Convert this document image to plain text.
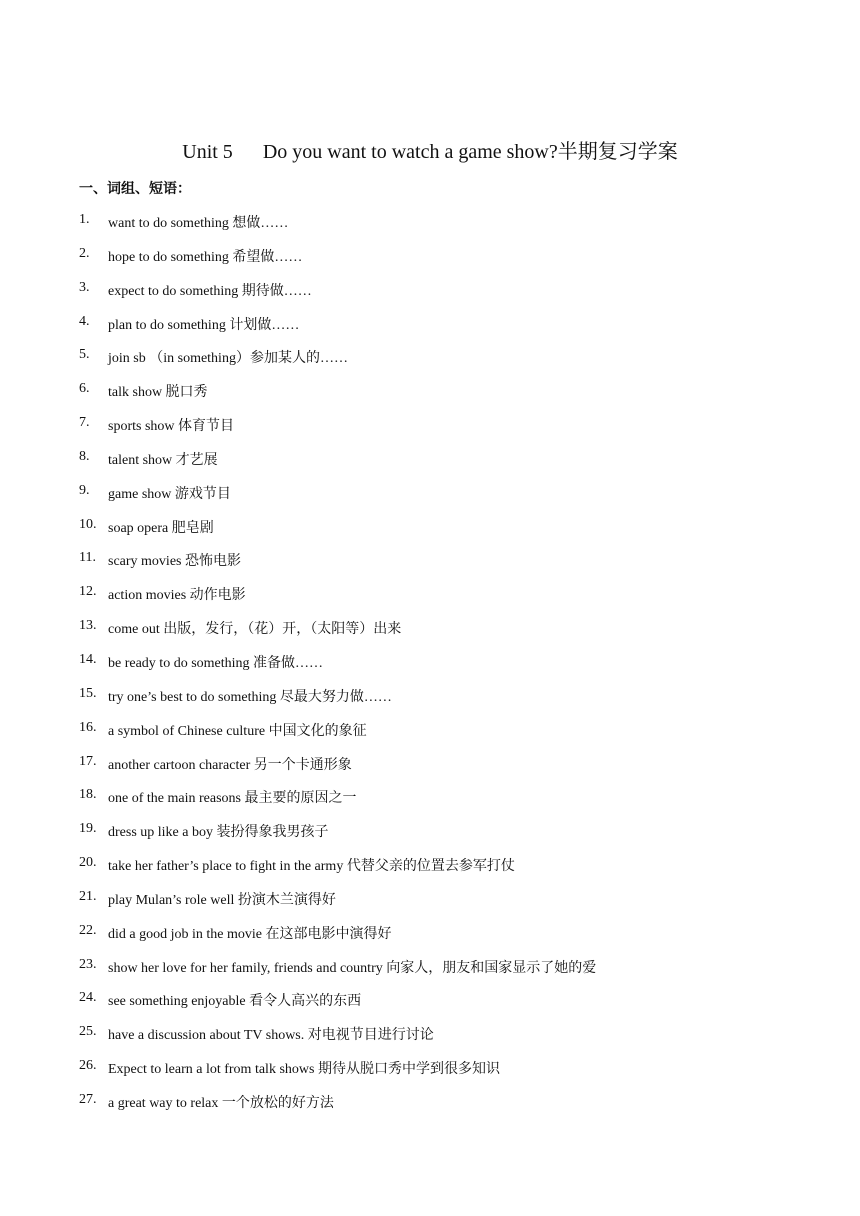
Unit 5 Do you want to watch a game show?半期复习学案
一、词组、短语：
1. want to do something 想做……
2. hope to do something 希望做……
3. expect to do something 期待做……
4. plan to do something 计划做……
5. join sb （in something）参加某人的……
6. talk show 脱口秀
7. sports show 体育节目
8. talent show 才艺展
9. game show 游戏节目
10. soap opera 肥皂剧
11. scary movies 恐怖电影
12. action movies 动作电影
13. come out 出版，发行，（花）开，（太阳等）出来
14. be ready to do something 准备做……
15. try one’s best to do something 尽最大努力做……
16. a symbol of Chinese culture 中国文化的象征
17. another cartoon character 另一个卡通形象
18. one of the main reasons 最主要的原因之一
19. dress up like a boy 装扮得象我男孩子
20. take her father’s place to fight in the army 代替父亲的位置去参军打仗
21. play Mulan’s role well 扮演木兰演得好
22. did a good job in the movie 在这部电影中演得好
23. show her love for her family, friends and country 向家人，朋友和国家显示了她的爱
24. see something enjoyable 看令人高兴的东西
25. have a discussion about TV shows. 对电视节目进行讨论
26. Expect to learn a lot from talk shows 期待从脱口秀中学到很多知识
27. a great way to relax 一个放松的好方法
